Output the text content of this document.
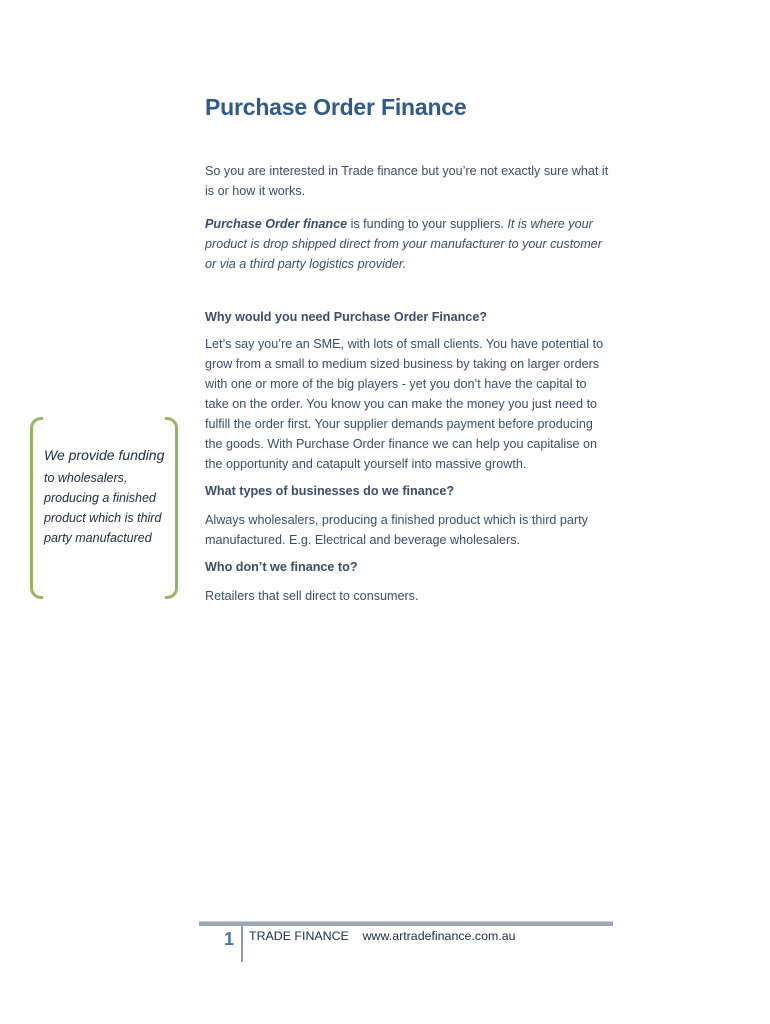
Purchase Order Finance

So you are interested in Trade finance but you’re not exactly sure what it is or how it works.

Purchase Order finance is funding to your suppliers. It is where your product is drop shipped direct from your manufacturer to your customer or via a third party logistics provider.

Why would you need Purchase Order Finance?

Let’s say you’re an SME, with lots of small clients. You have potential to grow from a small to medium sized business by taking on larger orders with one or more of the big players - yet you don’t have the capital to take on the order. You know you can make the money you just need to fulfill the order first. Your supplier demands payment before producing the goods. With Purchase Order finance we can help you capitalise on the opportunity and catapult yourself into massive growth.

What types of businesses do we finance?

Always wholesalers, producing a finished product which is third party manufactured. E.g. Electrical and beverage wholesalers.

Who don’t we finance to?

Retailers that sell direct to consumers.

We provide funding

to wholesalers, producing a finished product which is third party manufactured

1 TRADE FINANCE www.artradefinance.com.au
